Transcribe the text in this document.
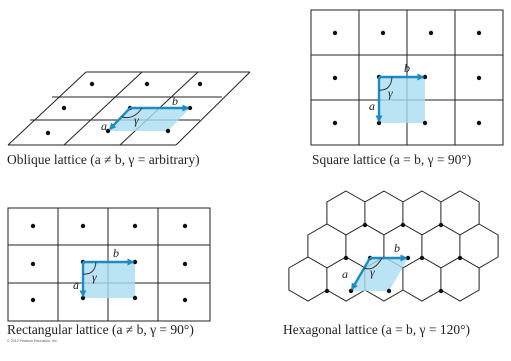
b
a γ
b
a
γ
b
a
γ
b
a γ
Oblique lattice (a ≠ b, γ = arbitrary)	Square lattice (a = b, γ = 90°)
Rectangular lattice (a ≠ b, γ = 90°)	Hexagonal lattice (a = b, γ = 120°)
© 2012 Pearson Education, Inc.
